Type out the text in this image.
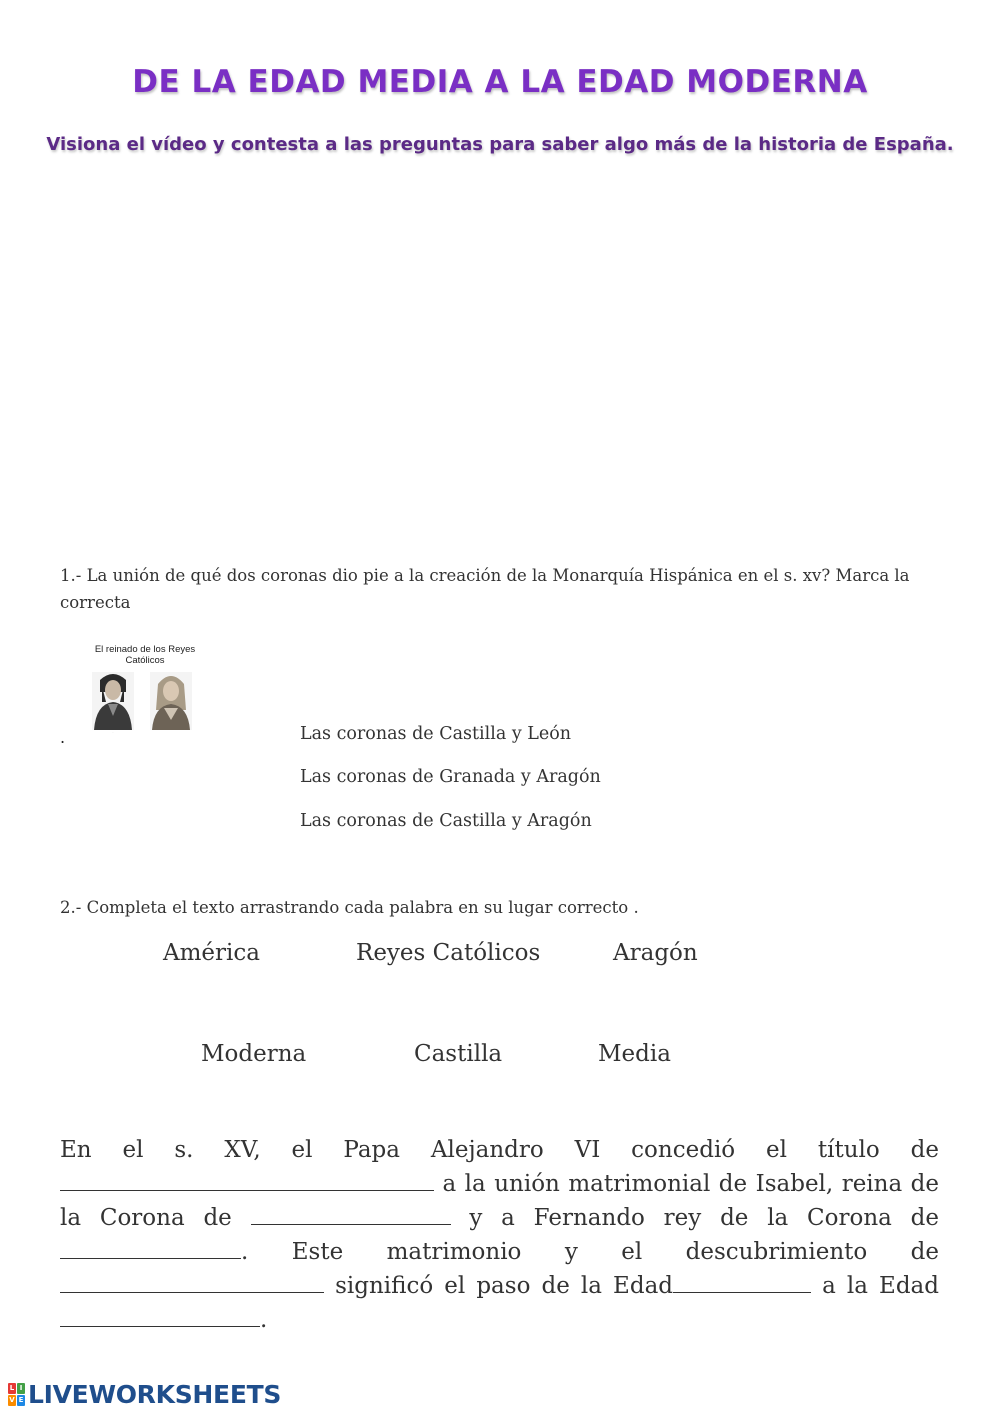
DE LA EDAD MEDIA A LA EDAD MODERNA
Visiona el vídeo y contesta a las preguntas para saber algo más de la historia de España.
1.- La unión de qué dos coronas dio pie a la creación de la Monarquía Hispánica en el s. xv? Marca la correcta
El reinado de los Reyes Católicos
·
.	Las coronas de Castilla y León
Las coronas de Granada y Aragón
Las coronas de Castilla y Aragón
2.- Completa el texto arrastrando cada palabra en su lugar correcto .
América	Reyes Católicos	Aragón
Moderna	Castilla	Media
En el s. XV, el Papa Alejandro VI concedió el título de  a la unión matrimonial de Isabel, reina de la Corona de	y a Fernando rey de la Corona de . Este matrimonio y el descubrimiento de  significó el paso de la Edad	a la Edad .
L I
V E LIVEWORKSHEETS
